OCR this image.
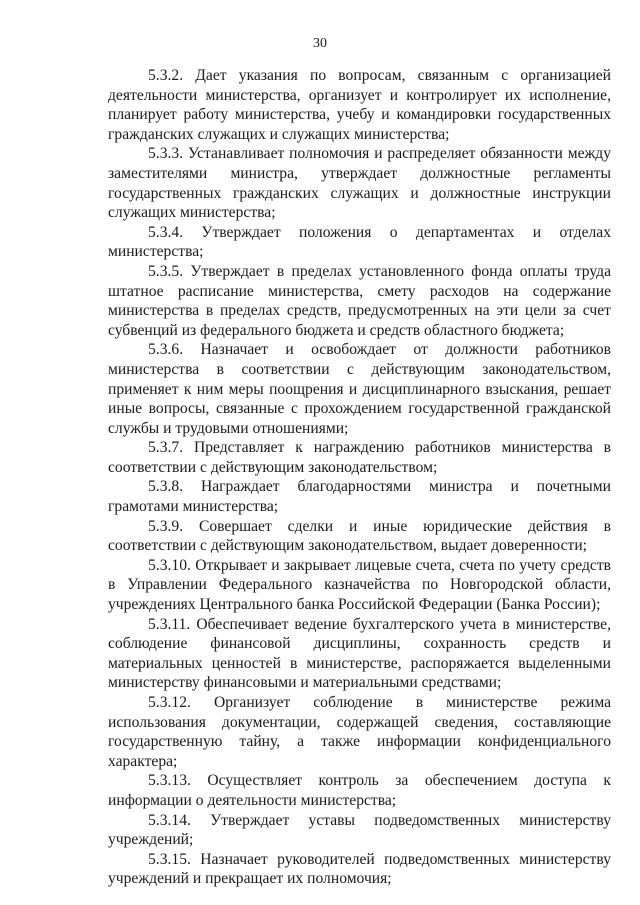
30

5.3.2. Дает указания по вопросам, связанным с организацией деятельности министерства, организует и контролирует их исполнение, планирует работу министерства, учебу и командировки государственных гражданских служащих и служащих министерства;

5.3.3. Устанавливает полномочия и распределяет обязанности между заместителями министра, утверждает должностные регламенты государственных гражданских служащих и должностные инструкции служащих министерства;

5.3.4. Утверждает положения о департаментах и отделах министерства;

5.3.5. Утверждает в пределах установленного фонда оплаты труда штатное расписание министерства, смету расходов на содержание министерства в пределах средств, предусмотренных на эти цели за счет субвенций из федерального бюджета и средств областного бюджета;

5.3.6. Назначает и освобождает от должности работников министерства в соответствии с действующим законодательством, применяет к ним меры поощрения и дисциплинарного взыскания, решает иные вопросы, связанные с прохождением государственной гражданской службы и трудовыми отношениями;

5.3.7. Представляет к награждению работников министерства в соответствии с действующим законодательством;

5.3.8. Награждает благодарностями министра и почетными грамотами министерства;

5.3.9. Совершает сделки и иные юридические действия в соответствии с действующим законодательством, выдает доверенности;

5.3.10. Открывает и закрывает лицевые счета, счета по учету средств в Управлении Федерального казначейства по Новгородской области, учреждениях Центрального банка Российской Федерации (Банка России);

5.3.11. Обеспечивает ведение бухгалтерского учета в министерстве, соблюдение финансовой дисциплины, сохранность средств и материальных ценностей в министерстве, распоряжается выделенными министерству финансовыми и материальными средствами;

5.3.12. Организует соблюдение в министерстве режима использования документации, содержащей сведения, составляющие государственную тайну, а также информации конфиденциального характера;

5.3.13. Осуществляет контроль за обеспечением доступа к информации о деятельности министерства;

5.3.14. Утверждает уставы подведомственных министерству учреждений;

5.3.15. Назначает руководителей подведомственных министерству учреждений и прекращает их полномочия;
